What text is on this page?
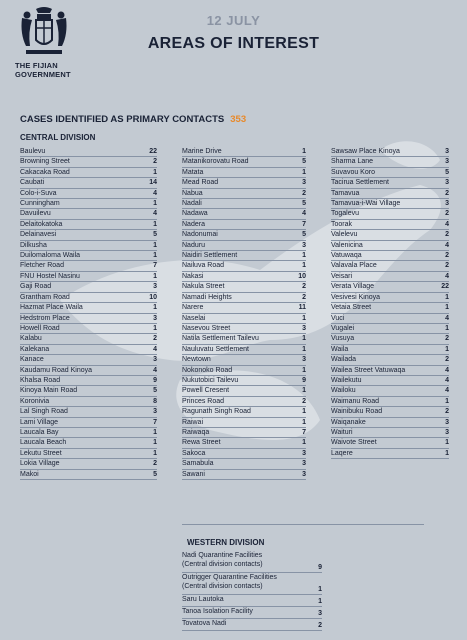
THE FIJIAN
GOVERNMENT
12 JULY
AREAS OF INTEREST
CASES IDENTIFIED AS PRIMARY CONTACTS 353
CENTRAL DIVISION
Baulevu	22
Browning Street	2
Cakacaka Road	1
Caubati	14
Colo-i-Suva	4
Cunningham	1
Davuilevu	4
Delaitokatoka	1
Delainavesi	5
Dilkusha	1
Duilomaloma Waila	1
Fletcher Road	7
FNU Hostel Nasinu	1
Gaji Road	3
Grantham Road	10
Hazmat Place Waila	1
Hedstrom Place	3
Howell Road	1
Kalabu	2
Kalekana	4
Kanace	3
Kaudamu Road Kinoya	4
Khalsa Road	9
Kinoya Main Road	5
Koronivia	8
Lal Singh Road	3
Lami Village	7
Laucala Bay	1
Laucala Beach	1
Lekutu Street	1
Lokia Village	2
Makoi	5
Marine Drive	1
Matanikorovatu Road	5
Matata	1
Mead Road	3
Nabua	2
Nadali	5
Nadawa	4
Nadera	7
Nadonumai	5
Naduru	3
Naidiri Settlement	1
Nailuva Road	1
Nakasi	10
Nakula Street	2
Namadi Heights	2
Narere	11
Naselai	1
Nasevou Street	3
Natila Settlement Tailevu	1
Nauluvatu Settlement	1
Newtown	3
Nokonoko Road	1
Nukutobici Tailevu	9
Powell Cresent	1
Princes Road	2
Ragunath Singh Road	1
Raiwai	1
Raiwaqa	7
Rewa Street	1
Sakoca	3
Samabula	3
Sawani	3
Sawsaw Place Kinoya	3
Sharma Lane	3
Suvavou Koro	5
Tacirua Settlement	3
Tamavua	2
Tamavua-i-Wai Village	3
Togalevu	2
Toorak	4
Valelevu	2
Valenicina	4
Vatuwaqa	2
Valavala Place	2
Veisari	4
Verata Village	22
Vesivesi Kinoya	1
Vetaia Street	1
Vuci	4
Vugalei	1
Vusuya	2
Waila	1
Wailada	2
Wailea Street Vatuwaqa	4
Wailekutu	4
Wailoku	4
Waimanu Road	1
Wainibuku Road	2
Waiqanake	3
Waituri	3
Waivote Street	1
Laqere	1
WESTERN DIVISION
Nadi Quarantine Facilities
(Central division contacts)	9
Outrigger Quarantine Facilities
(Central division contacts)	1
Saru Lautoka	1
Tanoa Isolation Facility	3
Tovatova Nadi	2
